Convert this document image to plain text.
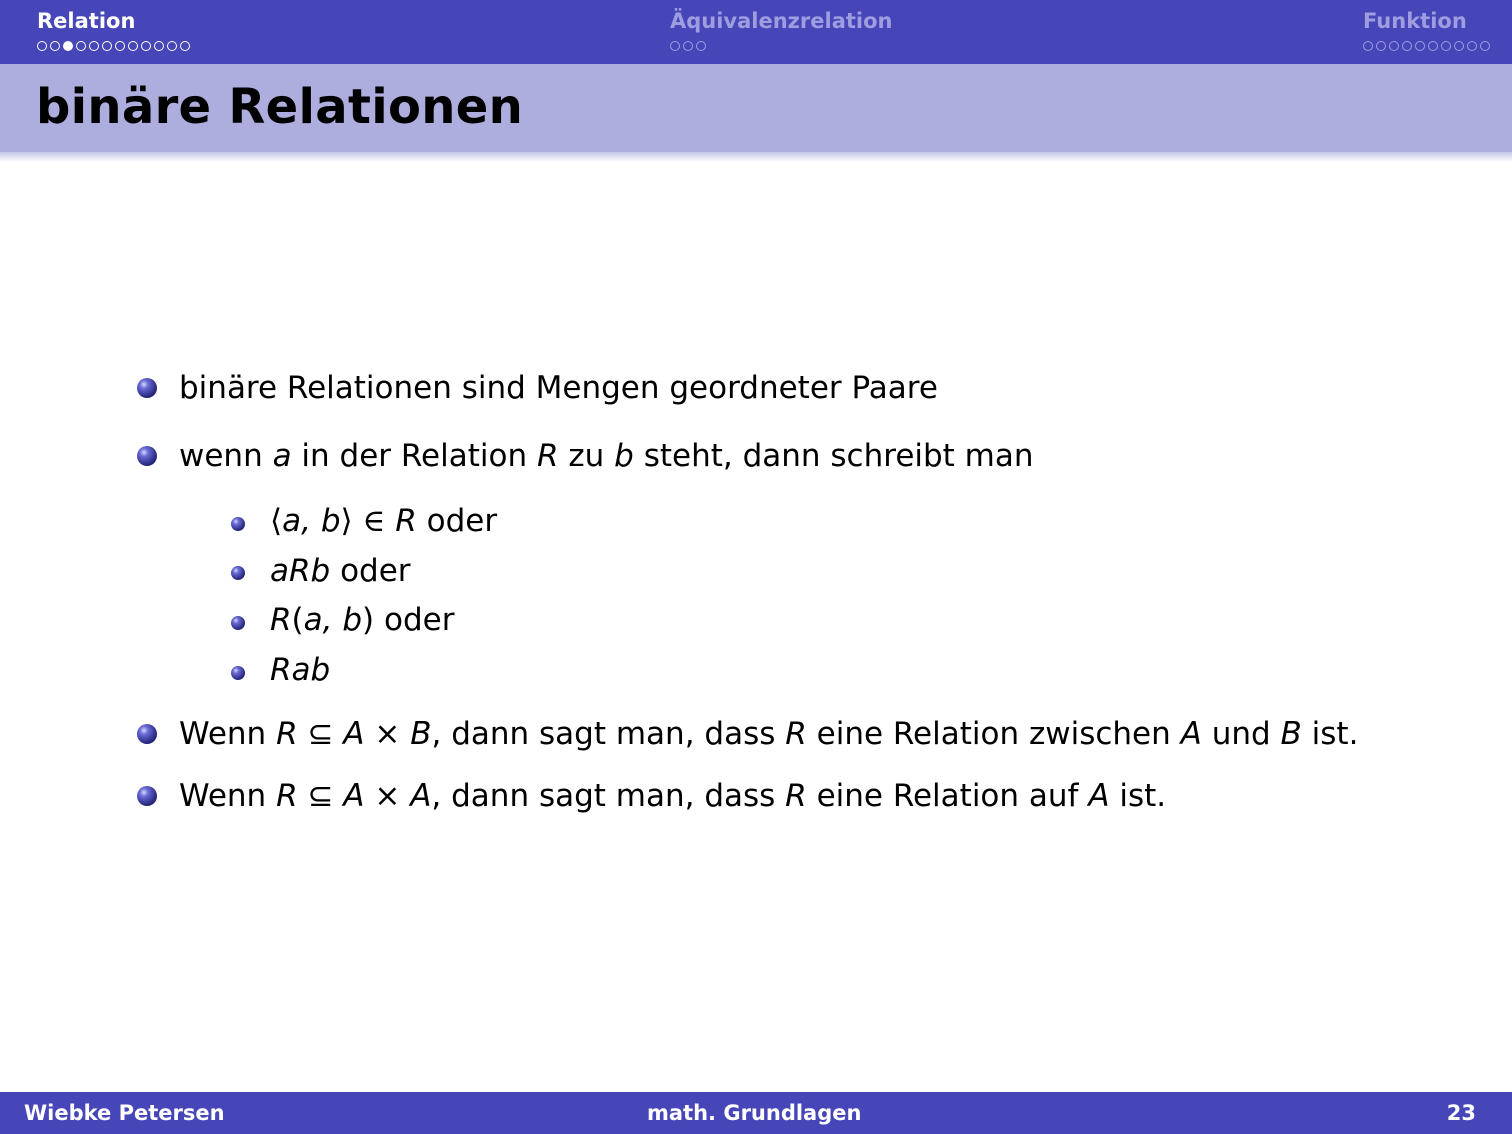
Relation	Äquivalenzrelation	Funktion
binäre Relationen
binäre Relationen sind Mengen geordneter Paare
wenn a in der Relation R zu b steht, dann schreibt man
⟨a, b⟩ ∈ R oder
aRb oder
R(a, b) oder
Rab
Wenn R ⊆ A × B, dann sagt man, dass R eine Relation zwischen A und B ist.
Wenn R ⊆ A × A, dann sagt man, dass R eine Relation auf A ist.
Wiebke Petersen	math. Grundlagen	23
